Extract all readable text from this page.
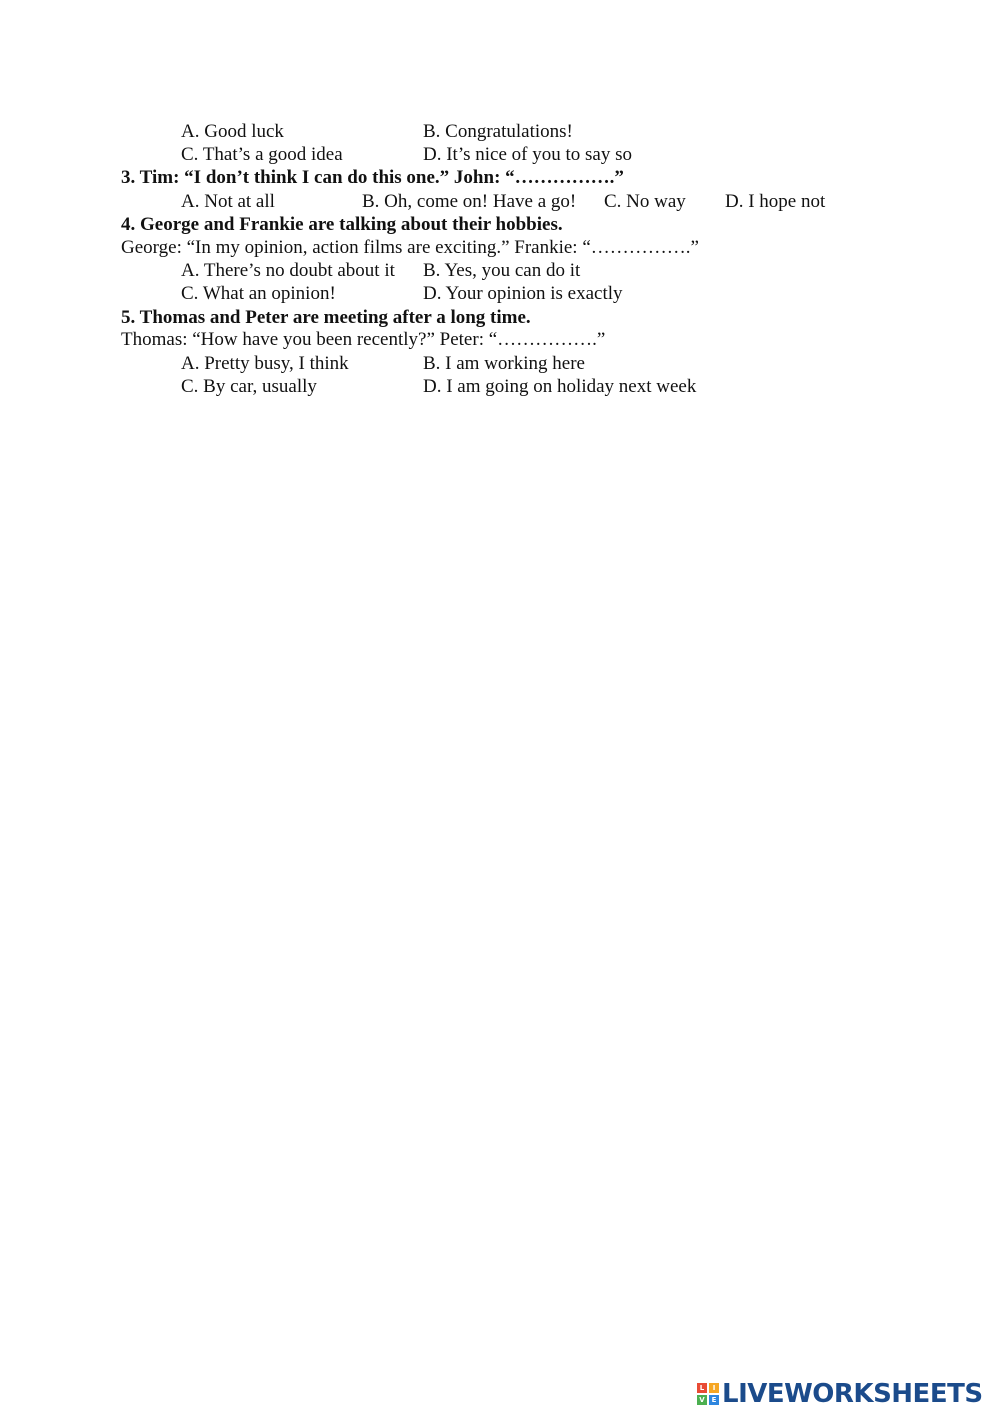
A. Good luck	B. Congratulations!
C. That’s a good idea	D. It’s nice of you to say so
3. Tim: “I don’t think I can do this one.” John: “…………….”
A. Not at all	B. Oh, come on! Have a go! C. No way D. I hope not
4. George and Frankie are talking about their hobbies.
George: “In my opinion, action films are exciting.” Frankie: “…………….”
A. There’s no doubt about it B. Yes, you can do it
C. What an opinion!	D. Your opinion is exactly
5. Thomas and Peter are meeting after a long time.
Thomas: “How have you been recently?” Peter: “…………….”
A. Pretty busy, I think	B. I am working here
C. By car, usually	D. I am going on holiday next week
L	I
V E LIVEWORKSHEETS
